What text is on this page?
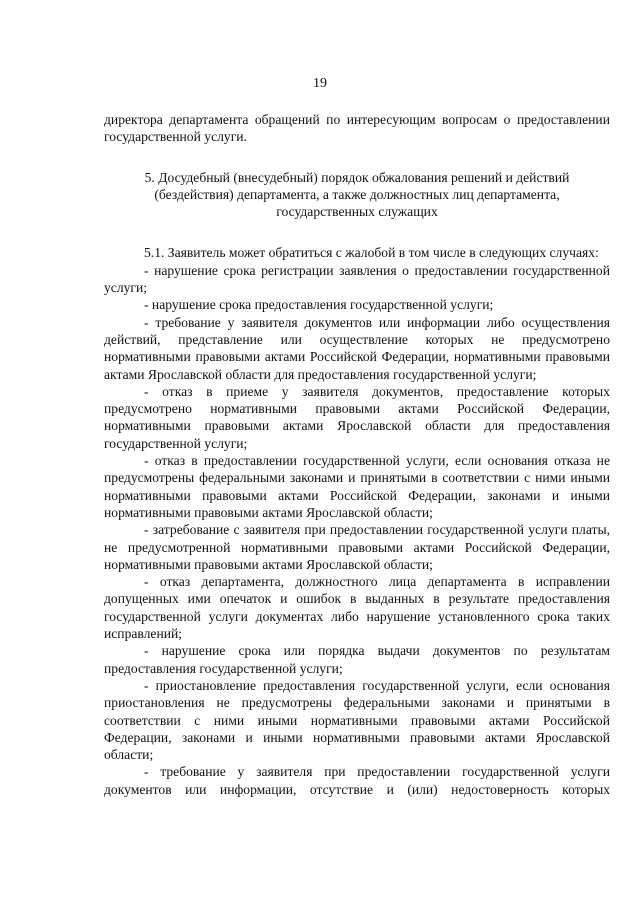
19

директора департамента обращений по интересующим вопросам о предоставлении государственной услуги.

5. Досудебный (внесудебный) порядок обжалования решений и действий (бездействия) департамента, а также должностных лиц департамента, государственных служащих

5.1. Заявитель может обратиться с жалобой в том числе в следующих случаях:

- нарушение срока регистрации заявления о предоставлении государственной услуги;

- нарушение срока предоставления государственной услуги;

- требование у заявителя документов или информации либо осуществления действий, представление или осуществление которых не предусмотрено нормативными правовыми актами Российской Федерации, нормативными правовыми актами Ярославской области для предоставления государственной услуги;

- отказ в приеме у заявителя документов, предоставление которых предусмотрено нормативными правовыми актами Российской Федерации, нормативными правовыми актами Ярославской области для предоставления государственной услуги;

- отказ в предоставлении государственной услуги, если основания отказа не предусмотрены федеральными законами и принятыми в соответствии с ними иными нормативными правовыми актами Российской Федерации, законами и иными нормативными правовыми актами Ярославской области;

- затребование с заявителя при предоставлении государственной услуги платы, не предусмотренной нормативными правовыми актами Российской Федерации, нормативными правовыми актами Ярославской области;

- отказ департамента, должностного лица департамента в исправлении допущенных ими опечаток и ошибок в выданных в результате предоставления государственной услуги документах либо нарушение установленного срока таких исправлений;

- нарушение срока или порядка выдачи документов по результатам предоставления государственной услуги;

- приостановление предоставления государственной услуги, если основания приостановления не предусмотрены федеральными законами и принятыми в соответствии с ними иными нормативными правовыми актами Российской Федерации, законами и иными нормативными правовыми актами Ярославской области;

- требование у заявителя при предоставлении государственной услуги документов или информации, отсутствие и (или) недостоверность которых
